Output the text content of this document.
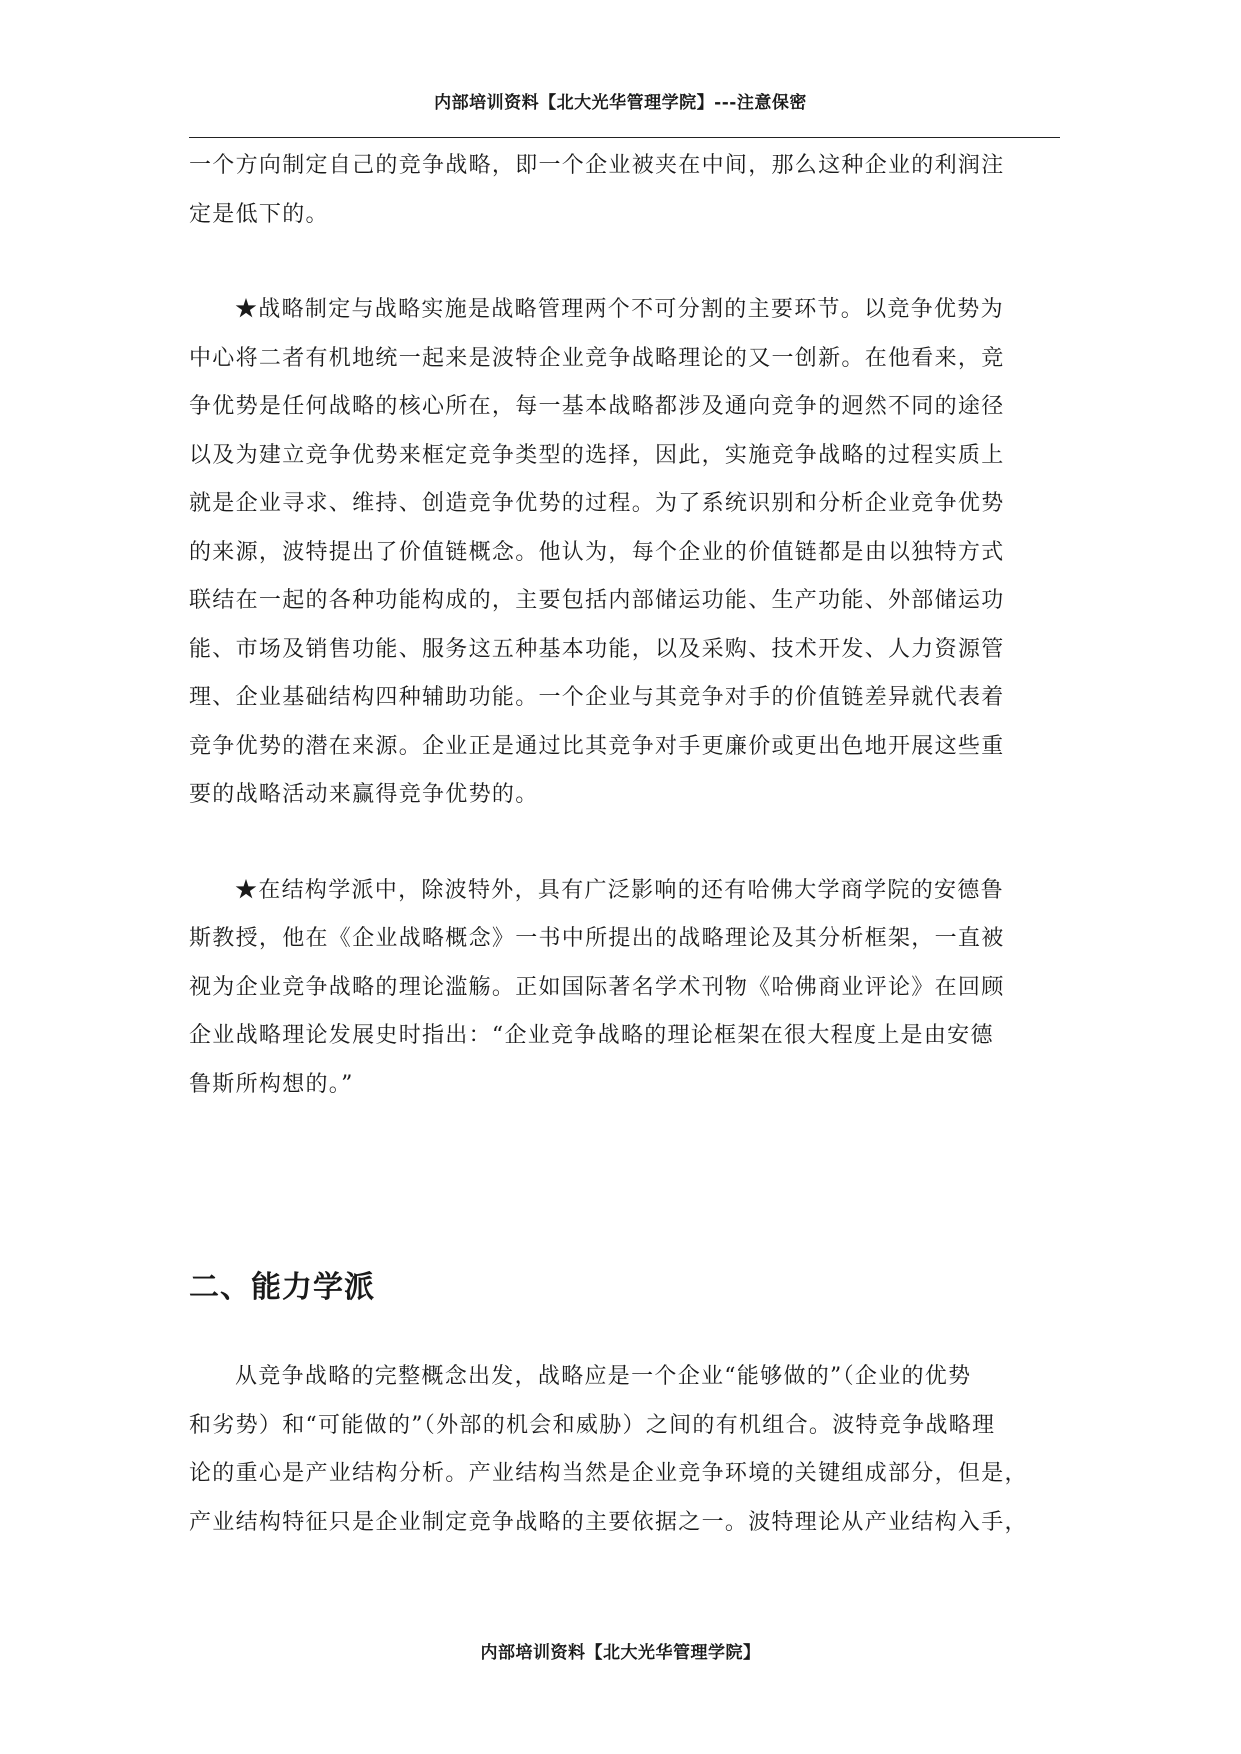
内部培训资料【北大光华管理学院】---注意保密
一个方向制定自己的竞争战略，即一个企业被夹在中间，那么这种企业的利润注
定是低下的。
★战略制定与战略实施是战略管理两个不可分割的主要环节。以竞争优势为
中心将二者有机地统一起来是波特企业竞争战略理论的又一创新。在他看来，竞
争优势是任何战略的核心所在，每一基本战略都涉及通向竞争的迥然不同的途径
以及为建立竞争优势来框定竞争类型的选择，因此，实施竞争战略的过程实质上
就是企业寻求、维持、创造竞争优势的过程。为了系统识别和分析企业竞争优势
的来源，波特提出了价值链概念。他认为，每个企业的价值链都是由以独特方式
联结在一起的各种功能构成的，主要包括内部储运功能、生产功能、外部储运功
能、市场及销售功能、服务这五种基本功能，以及采购、技术开发、人力资源管
理、企业基础结构四种辅助功能。一个企业与其竞争对手的价值链差异就代表着
竞争优势的潜在来源。企业正是通过比其竞争对手更廉价或更出色地开展这些重
要的战略活动来赢得竞争优势的。
★在结构学派中，除波特外，具有广泛影响的还有哈佛大学商学院的安德鲁
斯教授，他在《企业战略概念》一书中所提出的战略理论及其分析框架，一直被
视为企业竞争战略的理论滥觞。正如国际著名学术刊物《哈佛商业评论》在回顾
企业战略理论发展史时指出：“企业竞争战略的理论框架在很大程度上是由安德
鲁斯所构想的。”
二、能力学派
从竞争战略的完整概念出发，战略应是一个企业“能够做的”（企业的优势
和劣势）和“可能做的”（外部的机会和威胁）之间的有机组合。波特竞争战略理
论的重心是产业结构分析。产业结构当然是企业竞争环境的关键组成部分，但是，
产业结构特征只是企业制定竞争战略的主要依据之一。波特理论从产业结构入手，
内部培训资料【北大光华管理学院】
